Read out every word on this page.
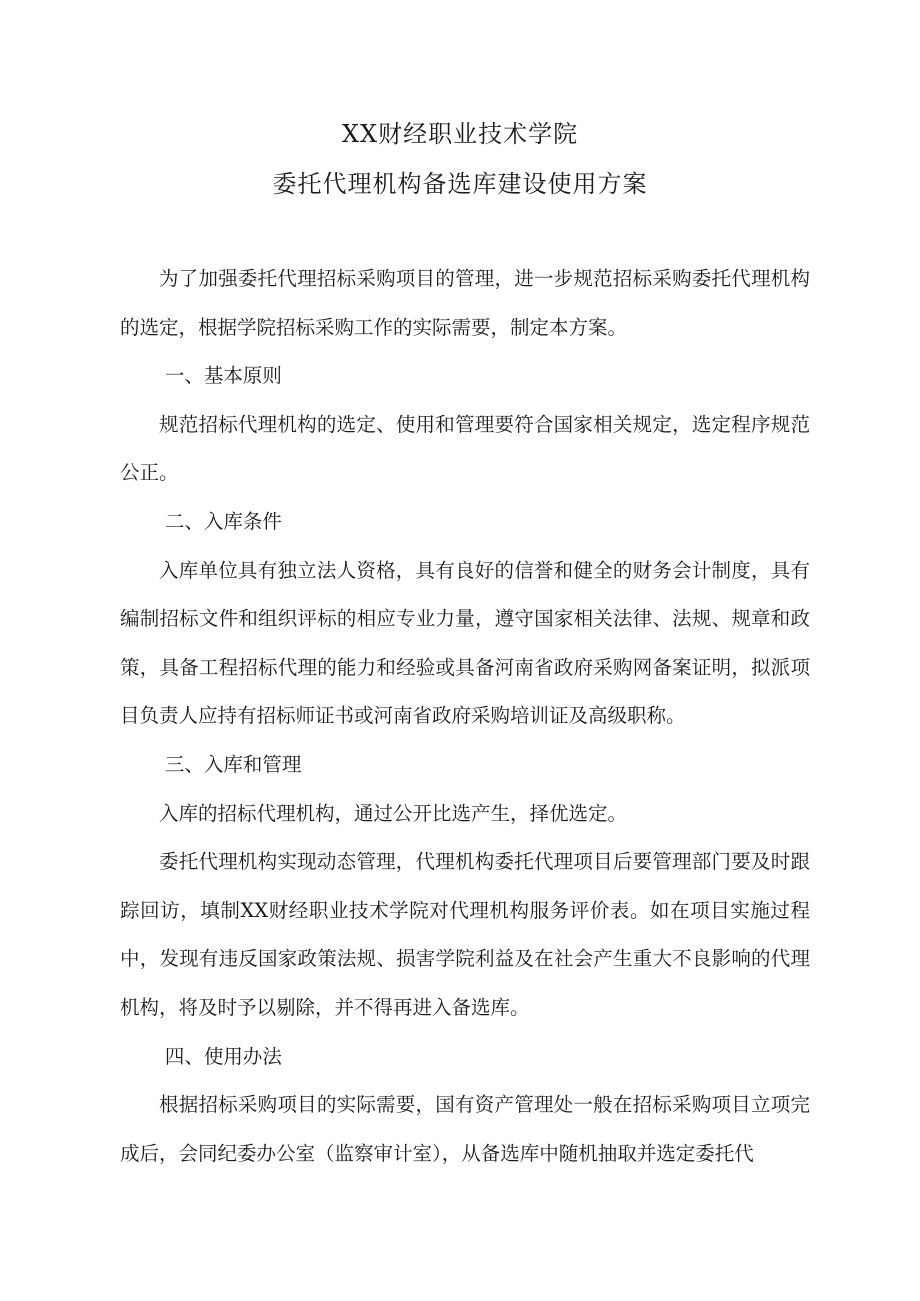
XX财经职业技术学院
委托代理机构备选库建设使用方案

为了加强委托代理招标采购项目的管理，进一步规范招标采购委托代理机构的选定，根据学院招标采购工作的实际需要，制定本方案。

一、基本原则

规范招标代理机构的选定、使用和管理要符合国家相关规定，选定程序规范公正。

二、入库条件

入库单位具有独立法人资格，具有良好的信誉和健全的财务会计制度，具有编制招标文件和组织评标的相应专业力量，遵守国家相关法律、法规、规章和政策，具备工程招标代理的能力和经验或具备河南省政府采购网备案证明，拟派项目负责人应持有招标师证书或河南省政府采购培训证及高级职称。

三、入库和管理

入库的招标代理机构，通过公开比选产生，择优选定。

委托代理机构实现动态管理，代理机构委托代理项目后要管理部门要及时跟踪回访，填制XX财经职业技术学院对代理机构服务评价表。如在项目实施过程中，发现有违反国家政策法规、损害学院利益及在社会产生重大不良影响的代理机构，将及时予以剔除，并不得再进入备选库。

四、使用办法

根据招标采购项目的实际需要，国有资产管理处一般在招标采购项目立项完成后，会同纪委办公室（监察审计室），从备选库中随机抽取并选定委托代
